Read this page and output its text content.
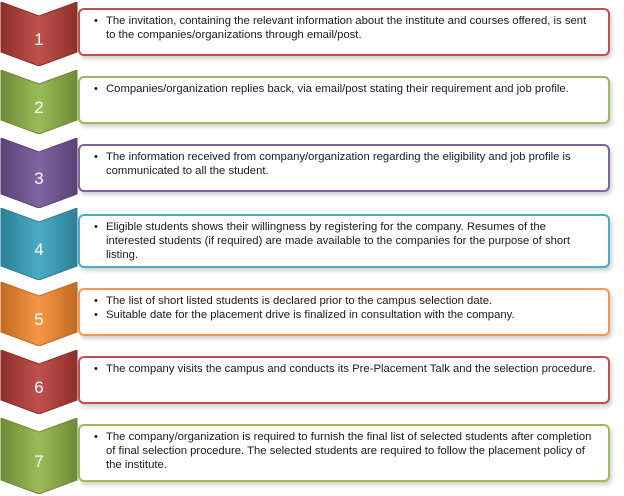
1
• The invitation, containing the relevant information about the institute and courses offered, is sent to the companies/organizations through email/post.
2
• Companies/organization replies back, via email/post stating their requirement and job profile.
3
• The information received from company/organization regarding the eligibility and job profile is communicated to all the student.
4
• Eligible students shows their willingness by registering for the company. Resumes of the interested students (if required) are made available to the companies for the purpose of short listing.
5
• The list of short listed students is declared prior to the campus selection date.
• Suitable date for the placement drive is finalized in consultation with the company.
6
• The company visits the campus and conducts its Pre-Placement Talk and the selection procedure.
7
• The company/organization is required to furnish the final list of selected students after completion of final selection procedure. The selected students are required to follow the placement policy of the institute.
